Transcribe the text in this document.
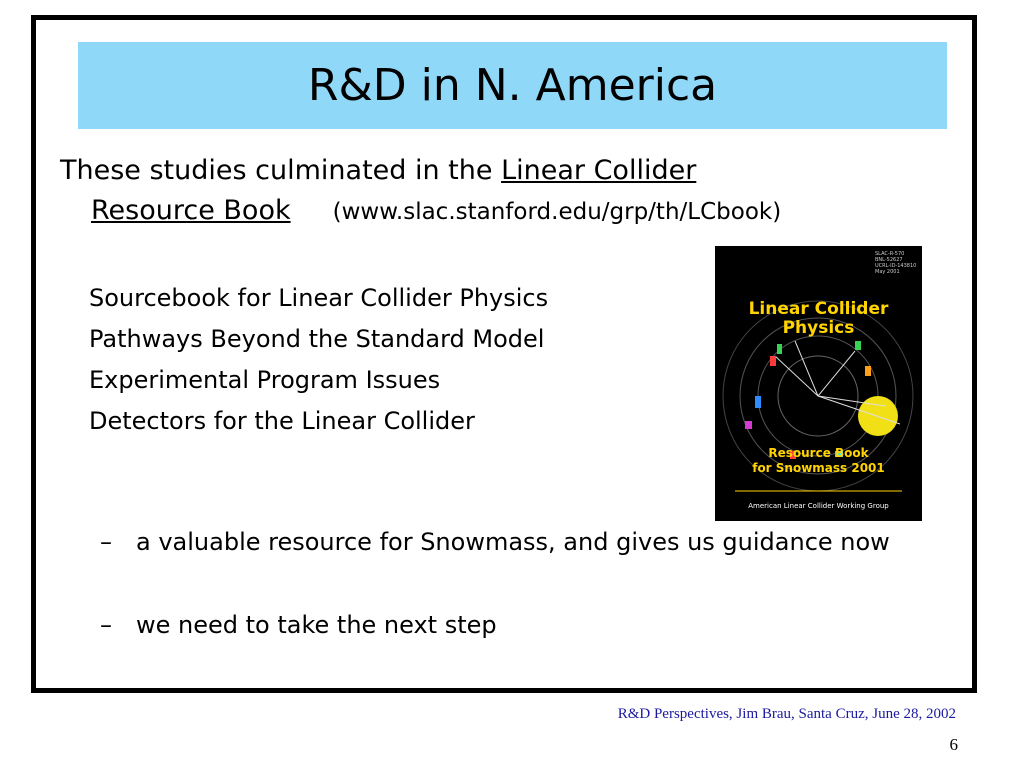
R&D in N. America
These studies culminated in the Linear Collider
Resource Book (www.slac.stanford.edu/grp/th/LCbook)
Sourcebook for Linear Collider Physics
Pathways Beyond the Standard Model
Experimental Program Issues
Detectors for the Linear Collider
– a valuable resource for Snowmass, and gives us guidance now
– we need to take the next step
SLAC-R-570
BNL-52627
UCRL-ID-143810
May 2001
Linear Collider
Physics
Resource Book
for Snowmass 2001
American Linear Collider Working Group
R&D Perspectives, Jim Brau, Santa Cruz, June 28, 2002
6
